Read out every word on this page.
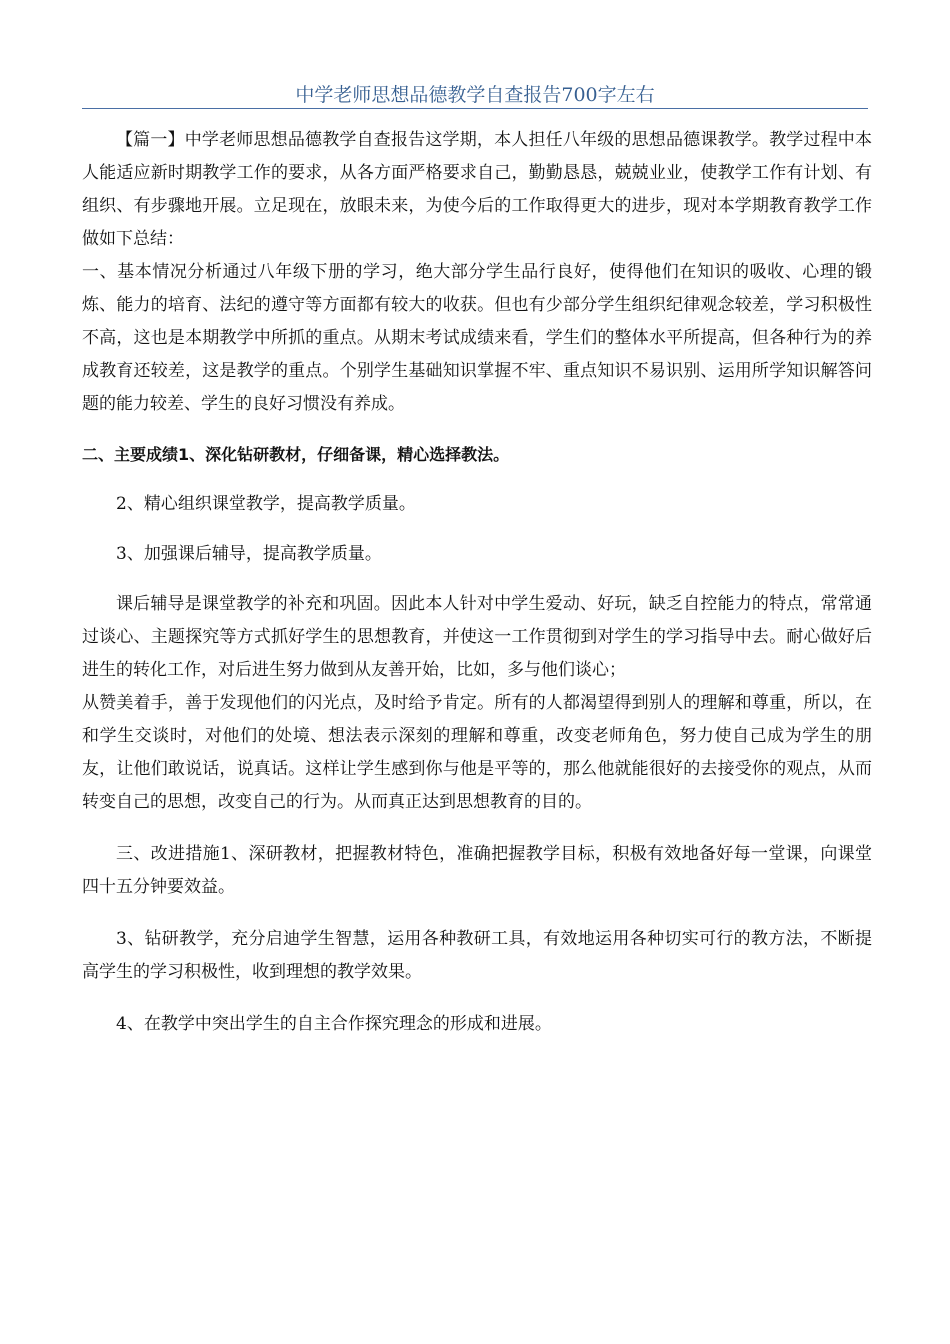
中学老师思想品德教学自查报告700字左右

【篇一】中学老师思想品德教学自查报告这学期，本人担任八年级的思想品德课教学。教学过程中本人能适应新时期教学工作的要求，从各方面严格要求自己，勤勤恳恳，兢兢业业，使教学工作有计划、有组织、有步骤地开展。立足现在，放眼未来，为使今后的工作取得更大的进步，现对本学期教育教学工作做如下总结：

一、基本情况分析通过八年级下册的学习，绝大部分学生品行良好，使得他们在知识的吸收、心理的锻炼、能力的培育、法纪的遵守等方面都有较大的收获。但也有少部分学生组织纪律观念较差，学习积极性不高，这也是本期教学中所抓的重点。从期末考试成绩来看，学生们的整体水平所提高，但各种行为的养成教育还较差，这是教学的重点。个别学生基础知识掌握不牢、重点知识不易识别、运用所学知识解答问题的能力较差、学生的良好习惯没有养成。

二、主要成绩1、深化钻研教材，仔细备课，精心选择教法。

2、精心组织课堂教学，提高教学质量。

3、加强课后辅导，提高教学质量。

课后辅导是课堂教学的补充和巩固。因此本人针对中学生爱动、好玩，缺乏自控能力的特点，常常通过谈心、主题探究等方式抓好学生的思想教育，并使这一工作贯彻到对学生的学习指导中去。耐心做好后进生的转化工作，对后进生努力做到从友善开始，比如，多与他们谈心；

从赞美着手，善于发现他们的闪光点，及时给予肯定。所有的人都渴望得到别人的理解和尊重，所以，在和学生交谈时，对他们的处境、想法表示深刻的理解和尊重，改变老师角色，努力使自己成为学生的朋友，让他们敢说话，说真话。这样让学生感到你与他是平等的，那么他就能很好的去接受你的观点，从而转变自己的思想，改变自己的行为。从而真正达到思想教育的目的。

三、改进措施1、深研教材，把握教材特色，准确把握教学目标，积极有效地备好每一堂课，向课堂四十五分钟要效益。

3、钻研教学，充分启迪学生智慧，运用各种教研工具，有效地运用各种切实可行的教方法，不断提高学生的学习积极性，收到理想的教学效果。

4、在教学中突出学生的自主合作探究理念的形成和进展。
